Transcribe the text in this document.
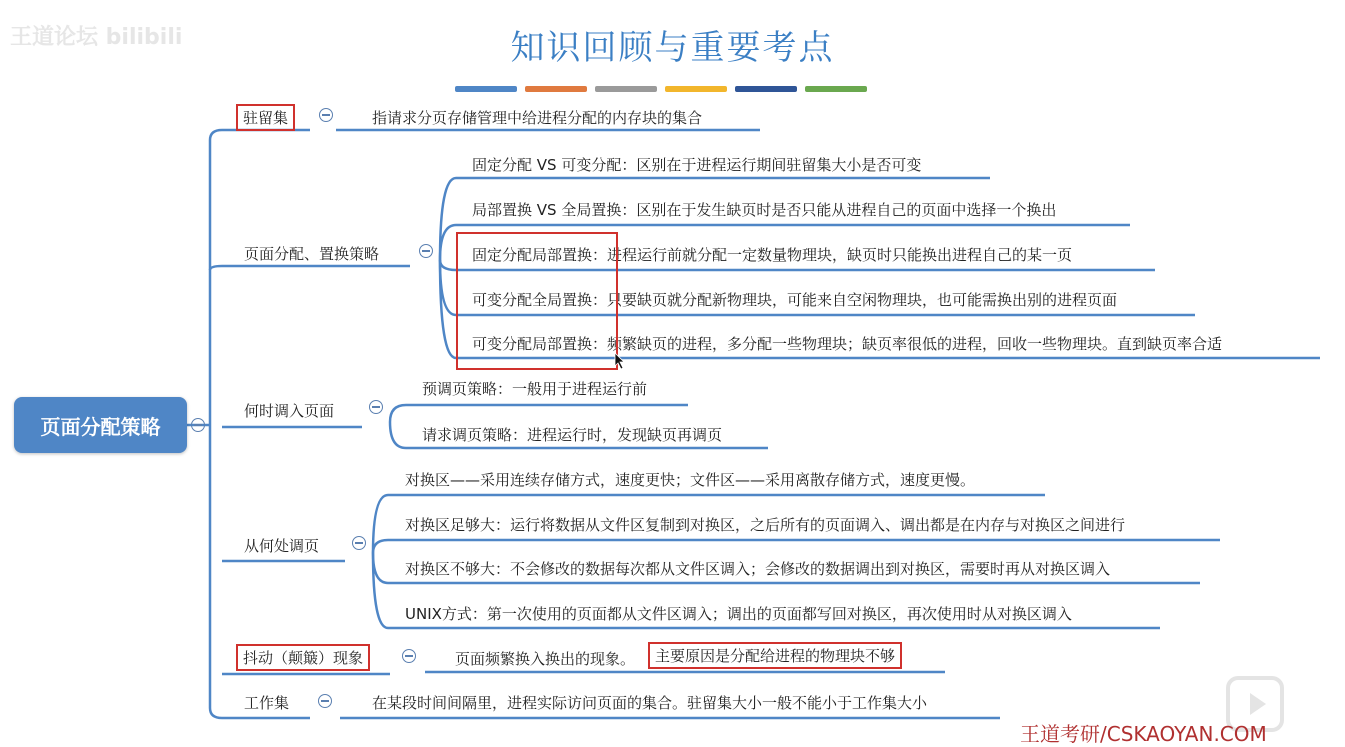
王道论坛 bilibili	知识回顾与重要考点
页面分配策略
驻留集	指请求分页存储管理中给进程分配的内存块的集合
页面分配、置换策略
固定分配 VS 可变分配：区别在于进程运行期间驻留集大小是否可变
局部置换 VS 全局置换：区别在于发生缺页时是否只能从进程自己的页面中选择一个换出
固定分配局部置换：进程运行前就分配一定数量物理块，缺页时只能换出进程自己的某一页
可变分配全局置换：只要缺页就分配新物理块，可能来自空闲物理块，也可能需换出别的进程页面
可变分配局部置换：频繁缺页的进程，多分配一些物理块；缺页率很低的进程，回收一些物理块。直到缺页率合适
何时调入页面
预调页策略：一般用于进程运行前
请求调页策略：进程运行时，发现缺页再调页
从何处调页
对换区——采用连续存储方式，速度更快；文件区——采用离散存储方式，速度更慢。
对换区足够大：运行将数据从文件区复制到对换区，之后所有的页面调入、调出都是在内存与对换区之间进行
对换区不够大：不会修改的数据每次都从文件区调入；会修改的数据调出到对换区，需要时再从对换区调入
UNIX方式：第一次使用的页面都从文件区调入；调出的页面都写回对换区，再次使用时从对换区调入
抖动（颠簸）现象	页面频繁换入换出的现象。	主要原因是分配给进程的物理块不够
工作集	在某段时间间隔里，进程实际访问页面的集合。驻留集大小一般不能小于工作集大小
王道考研/CSKAOYAN.COM
